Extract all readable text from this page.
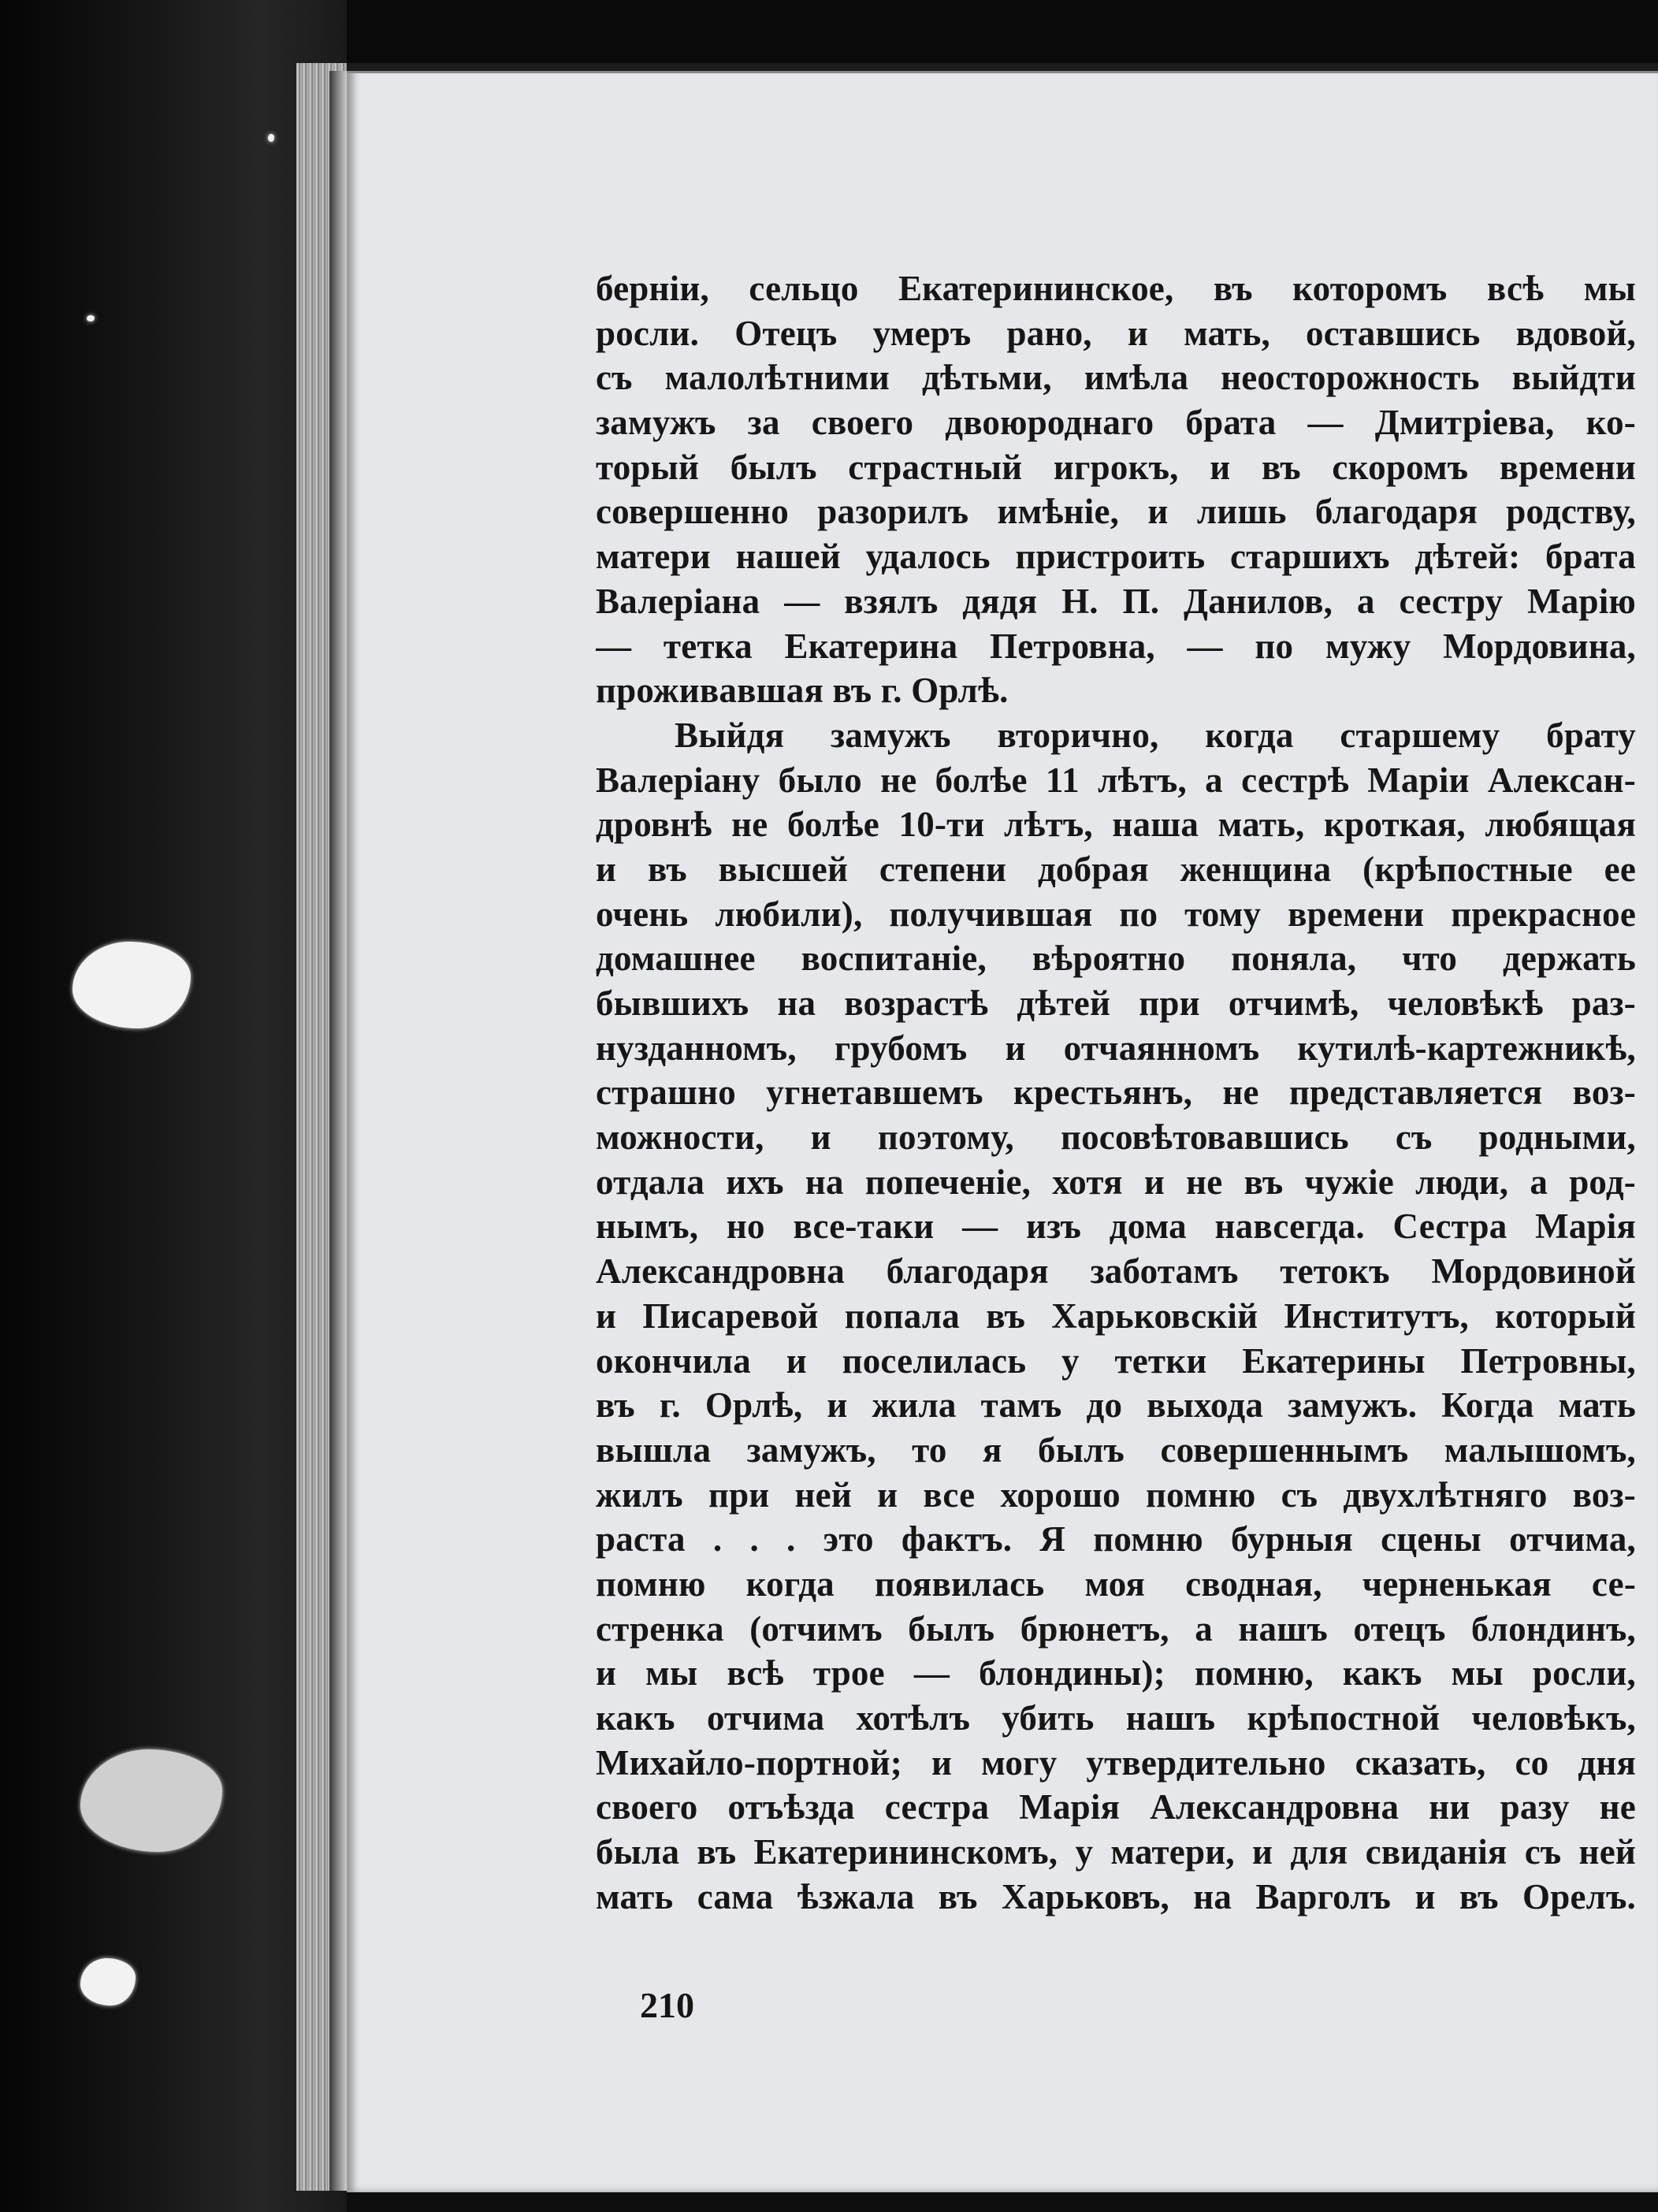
берніи, сельцо Екатерининское, въ которомъ всѣ мы
росли. Отецъ умеръ рано, и мать, оставшись вдовой,
съ малолѣтними дѣтьми, имѣла неосторожность выйдти
замужъ за своего двоюроднаго брата — Дмитріева, ко-
торый былъ страстный игрокъ, и въ скоромъ времени
совершенно разорилъ имѣніе, и лишь благодаря родству,
матери нашей удалось пристроить старшихъ дѣтей: брата
Валеріана — взялъ дядя Н. П. Данилов, а сестру Марію
— тетка Екатерина Петровна, — по мужу Мордовина,
проживавшая въ г. Орлѣ.
Выйдя замужъ вторично, когда старшему брату
Валеріану было не болѣе 11 лѣтъ, а сестрѣ Маріи Алексан-
дровнѣ не болѣе 10-ти лѣтъ, наша мать, кроткая, любящая
и въ высшей степени добрая женщина (крѣпостные ее
очень любили), получившая по тому времени прекрасное
домашнее воспитаніе, вѣроятно поняла, что держать
бывшихъ на возрастѣ дѣтей при отчимѣ, человѣкѣ раз-
нузданномъ, грубомъ и отчаянномъ кутилѣ-картежникѣ,
страшно угнетавшемъ крестьянъ, не представляется воз-
можности, и поэтому, посовѣтовавшись съ родными,
отдала ихъ на попеченіе, хотя и не въ чужіе люди, а род-
нымъ, но все-таки — изъ дома навсегда. Сестра Марія
Александровна благодаря заботамъ тетокъ Мордовиной
и Писаревой попала въ Харьковскій Институтъ, который
окончила и поселилась у тетки Екатерины Петровны,
въ г. Орлѣ, и жила тамъ до выхода замужъ. Когда мать
вышла замужъ, то я былъ совершеннымъ малышомъ,
жилъ при ней и все хорошо помню съ двухлѣтняго воз-
раста . . . это фактъ. Я помню бурныя сцены отчима,
помню когда появилась моя сводная, черненькая се-
стренка (отчимъ былъ брюнетъ, а нашъ отецъ блондинъ,
и мы всѣ трое — блондины); помню, какъ мы росли,
какъ отчима хотѣлъ убить нашъ крѣпостной человѣкъ,
Михайло-портной; и могу утвердительно сказать, со дня
своего отъѣзда сестра Марія Александровна ни разу не
была въ Екатерининскомъ, у матери, и для свиданія съ ней
мать сама ѣзжала въ Харьковъ, на Варголъ и въ Орелъ.
210
